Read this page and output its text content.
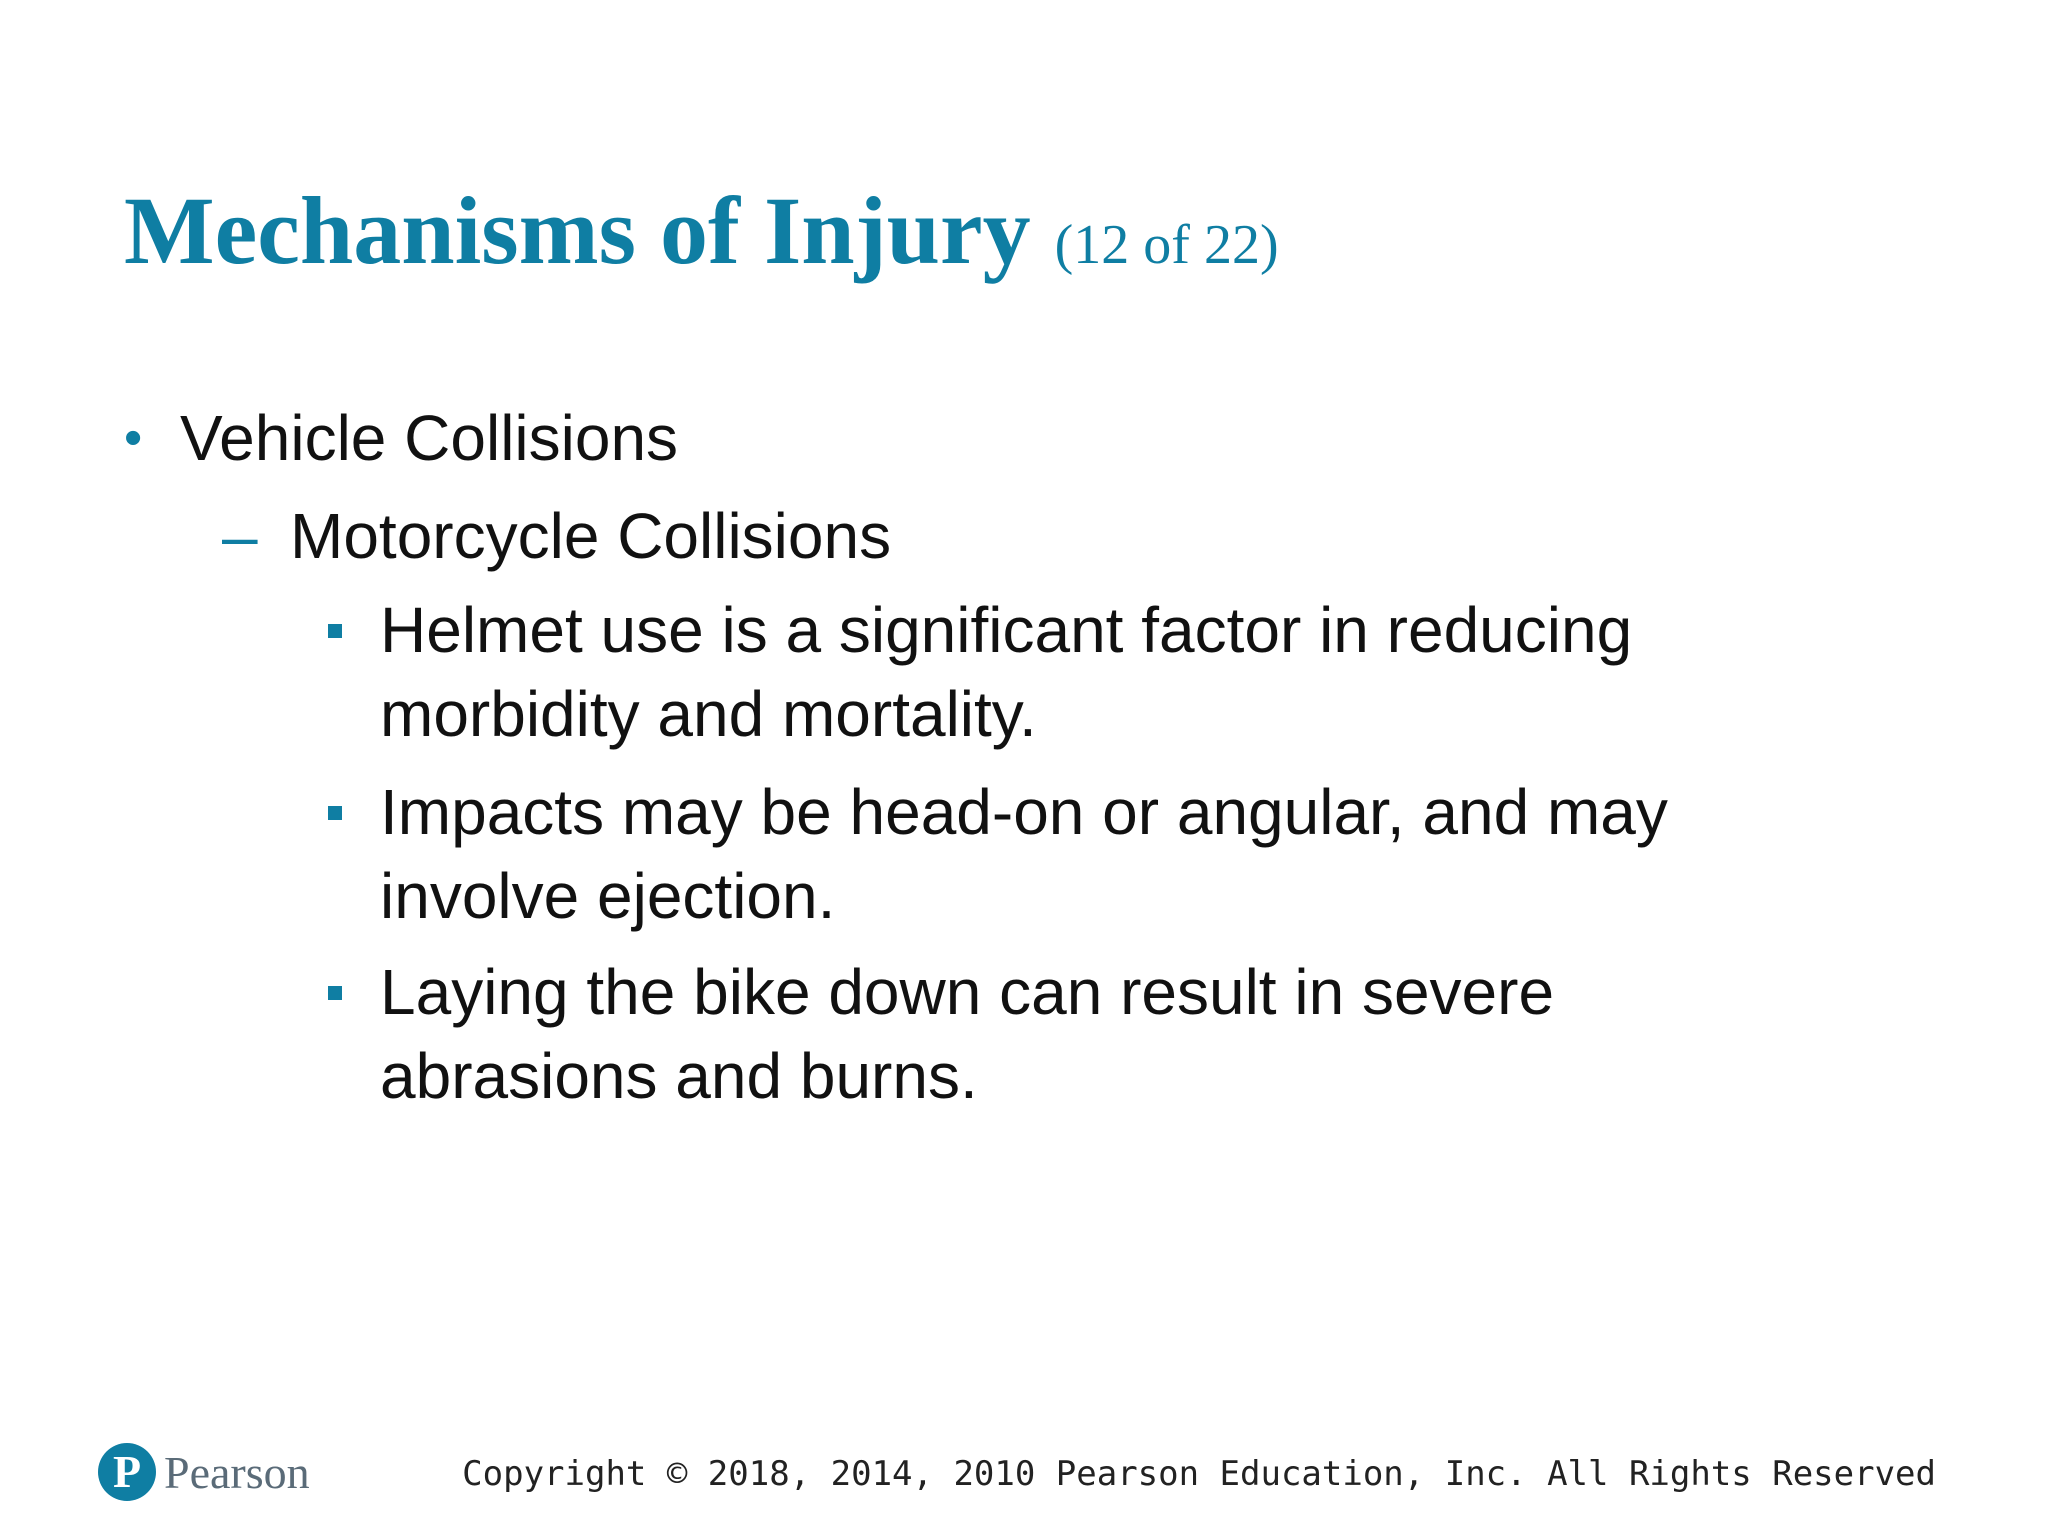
Mechanisms of Injury (12 of 22)
• Vehicle Collisions
– Motorcycle Collisions
Helmet use is a significant factor in reducing morbidity and mortality.
Impacts may be head-on or angular, and may involve ejection.
Laying the bike down can result in severe abrasions and burns.
P Pearson	Copyright © 2018, 2014, 2010 Pearson Education, Inc. All Rights Reserved
